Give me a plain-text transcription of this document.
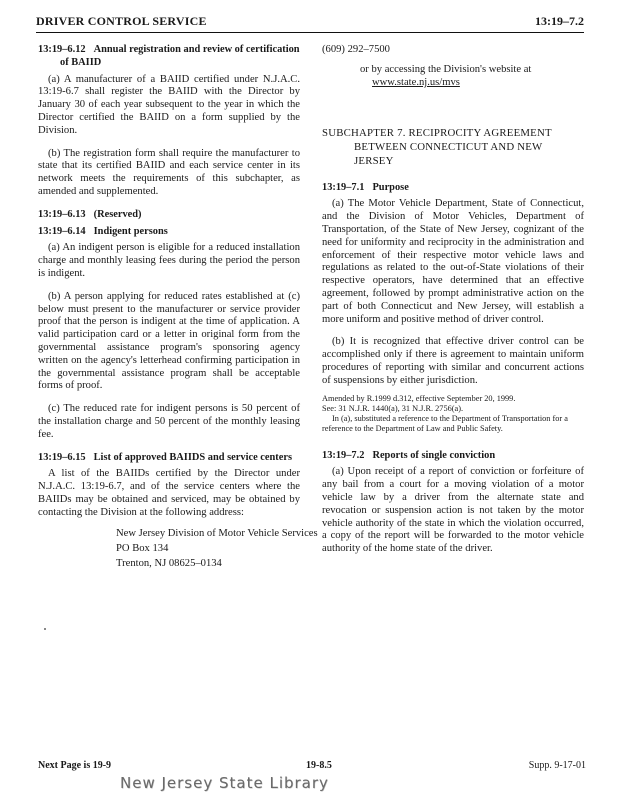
DRIVER CONTROL SERVICE	13:19–7.2
13:19–6.12 Annual registration and review of certification of BAIID

(a) A manufacturer of a BAIID certified under N.J.A.C. 13:19-6.7 shall register the BAIID with the Director by January 30 of each year subsequent to the year in which the Director certified the BAIID on a form supplied by the Division.

(b) The registration form shall require the manufacturer to state that its certified BAIID and each service center in its network meets the requirements of this subchapter, as amended and supplemented.

13:19–6.13 (Reserved)
13:19–6.14 Indigent persons

(a) An indigent person is eligible for a reduced installation charge and monthly leasing fees during the period the person is indigent.

(b) A person applying for reduced rates established at (c) below must present to the manufacturer or service provider proof that the person is indigent at the time of application. A valid participation card or a letter in original form from the governmental assistance program's sponsoring agency written on the agency's letterhead confirming participation in the governmental assistance program shall be acceptable forms of proof.

(c) The reduced rate for indigent persons is 50 percent of the installation charge and 50 percent of the monthly leasing fee.

13:19–6.15 List of approved BAIIDS and service centers

A list of the BAIIDs certified by the Director under N.J.A.C. 13:19-6.7, and of the service centers where the BAIIDs may be obtained and serviced, may be obtained by contacting the Division at the following address:

New Jersey Division of Motor Vehicle Services
PO Box 134
Trenton, NJ 08625–0134
(609) 292–7500
or by accessing the Division's website at
www.state.nj.us/mvs
SUBCHAPTER 7. RECIPROCITY AGREEMENT
BETWEEN CONNECTICUT AND NEW
JERSEY
13:19–7.1 Purpose

(a) The Motor Vehicle Department, State of Connecticut, and the Division of Motor Vehicles, Department of Transportation, of the State of New Jersey, cognizant of the need for uniformity and reciprocity in the administration and enforcement of their respective motor vehicle laws and regulations as related to the out-of-State violations of their respective operators, have determined that an effective agreement, followed by prompt administrative action on the part of both Connecticut and New Jersey, will establish a more uniform and positive method of driver control.

(b) It is recognized that effective driver control can be accomplished only if there is agreement to maintain uniform procedures of reporting with similar and concurrent actions of suspensions by either jurisdiction.

Amended by R.1999 d.312, effective September 20, 1999.
See: 31 N.J.R. 1440(a), 31 N.J.R. 2756(a).
In (a), substituted a reference to the Department of Transportation for a reference to the Department of Law and Public Safety.
13:19–7.2 Reports of single conviction

(a) Upon receipt of a report of conviction or forfeiture of any bail from a court for a moving violation of a motor vehicle law by a driver from the alternate state and revocation or suspension action is not taken by the motor vehicle authority of the state in which the violation occurred, a copy of the report will be forwarded to the motor vehicle authority of the home state of the driver.

Next Page is 19-9	19-8.5	Supp. 9-17-01
New Jersey State Library
